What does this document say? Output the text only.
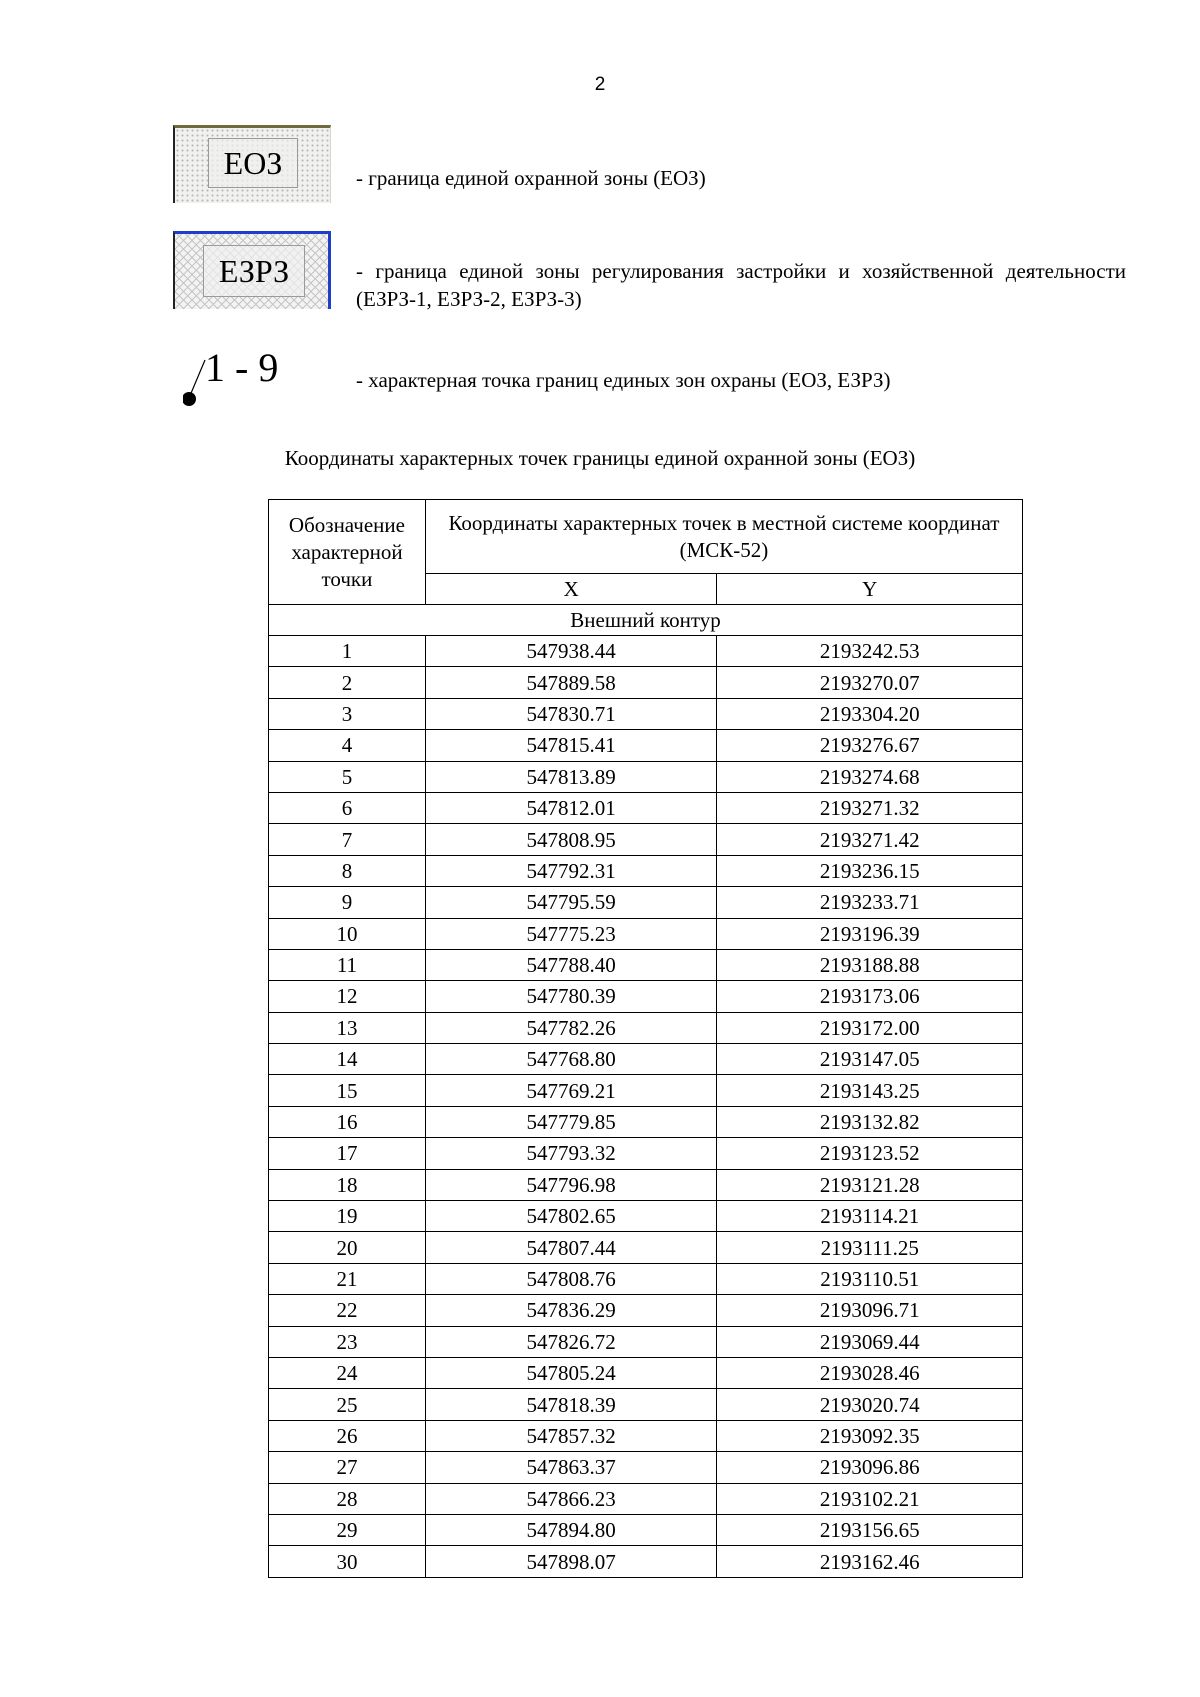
2
ЕОЗ	- граница единой охранной зоны (ЕОЗ)
ЕЗРЗ	- граница единой зоны регулирования застройки и хозяйственной деятельности (ЕЗРЗ-1, ЕЗРЗ-2, ЕЗРЗ-3)
1 - 9	- характерная точка границ единых зон охраны (ЕОЗ, ЕЗРЗ)
Координаты характерных точек границы единой охранной зоны (ЕОЗ)
Обозначение характерной точки	Координаты характерных точек в местной системе координат (МСК-52)	
	X	Y
Внешний контур		
1	547938.44	2193242.53
2	547889.58	2193270.07
3	547830.71	2193304.20
4	547815.41	2193276.67
5	547813.89	2193274.68
6	547812.01	2193271.32
7	547808.95	2193271.42
8	547792.31	2193236.15
9	547795.59	2193233.71
10	547775.23	2193196.39
11	547788.40	2193188.88
12	547780.39	2193173.06
13	547782.26	2193172.00
14	547768.80	2193147.05
15	547769.21	2193143.25
16	547779.85	2193132.82
17	547793.32	2193123.52
18	547796.98	2193121.28
19	547802.65	2193114.21
20	547807.44	2193111.25
21	547808.76	2193110.51
22	547836.29	2193096.71
23	547826.72	2193069.44
24	547805.24	2193028.46
25	547818.39	2193020.74
26	547857.32	2193092.35
27	547863.37	2193096.86
28	547866.23	2193102.21
29	547894.80	2193156.65
30	547898.07	2193162.46
